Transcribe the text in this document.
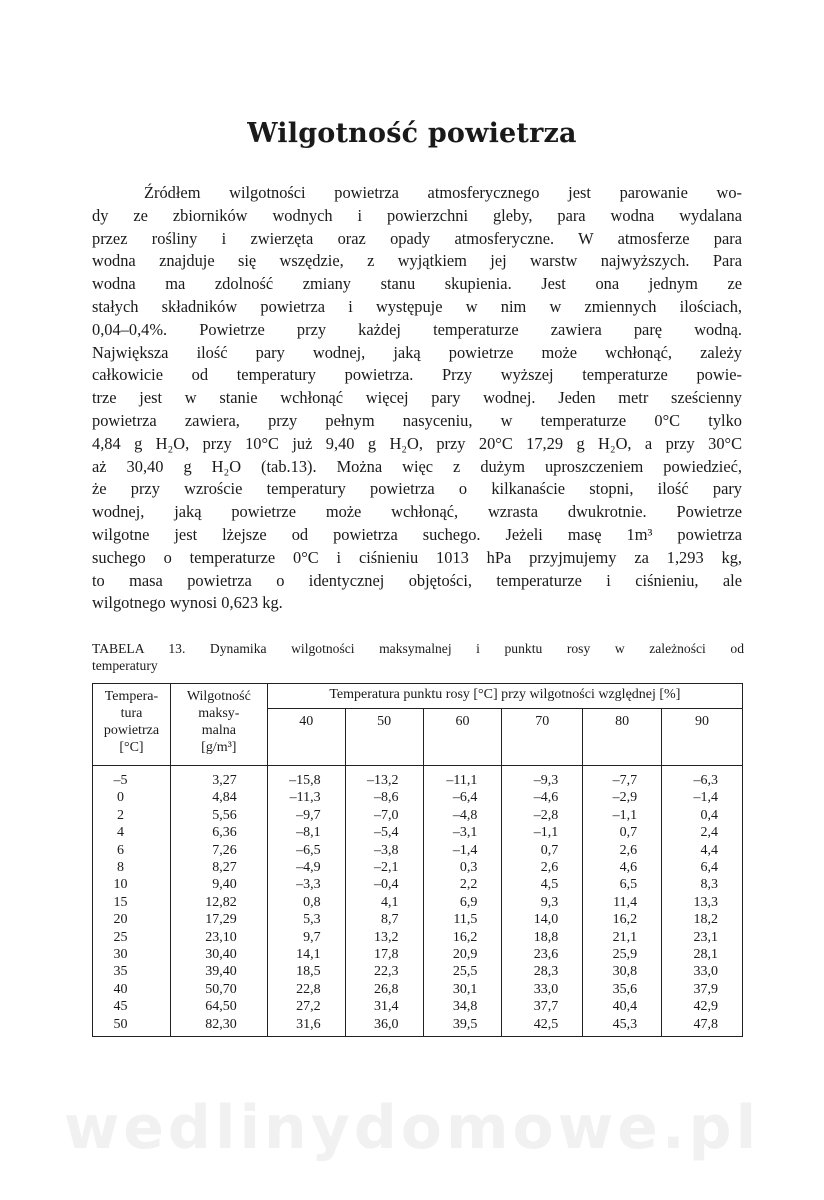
Wilgotność powietrza
Źródłem wilgotności powietrza atmosferycznego jest parowanie wo-
dy ze zbiorników wodnych i powierzchni gleby, para wodna wydalana
przez rośliny i zwierzęta oraz opady atmosferyczne. W atmosferze para
wodna znajduje się wszędzie, z wyjątkiem jej warstw najwyższych. Para
wodna ma zdolność zmiany stanu skupienia. Jest ona jednym ze
stałych składników powietrza i występuje w nim w zmiennych ilościach,
0,04–0,4%. Powietrze przy każdej temperaturze zawiera parę wodną.
Największa ilość pary wodnej, jaką powietrze może wchłonąć, zależy
całkowicie od temperatury powietrza. Przy wyższej temperaturze powie-
trze jest w stanie wchłonąć więcej pary wodnej. Jeden metr sześcienny
powietrza zawiera, przy pełnym nasyceniu, w temperaturze 0°C tylko
4,84 g H₂O, przy 10°C już 9,40 g H₂O, przy 20°C 17,29 g H₂O, a przy 30°C
aż 30,40 g H₂O (tab.13). Można więc z dużym uproszczeniem powiedzieć,
że przy wzroście temperatury powietrza o kilkanaście stopni, ilość pary
wodnej, jaką powietrze może wchłonąć, wzrasta dwukrotnie. Powietrze
wilgotne jest lżejsze od powietrza suchego. Jeżeli masę 1m³ powietrza
suchego o temperaturze 0°C i ciśnieniu 1013 hPa przyjmujemy za 1,293 kg,
to masa powietrza o identycznej objętości, temperaturze i ciśnieniu, ale
wilgotnego wynosi 0,623 kg.
TABELA 13. Dynamika wilgotności maksymalnej i punktu rosy w zależności od
temperatury
Tempera-
tura
powietrza
[°C]	Wilgotność
maksy-
malna
[g/m³]	Temperatura punktu rosy [°C] przy wilgotności względnej [%]					
		40	50	60	70	80	90
–5	3,27	–15,8	–13,2	–11,1	–9,3	–7,7	–6,3
0	4,84	–11,3	–8,6	–6,4	–4,6	–2,9	–1,4
2	5,56	–9,7	–7,0	–4,8	–2,8	–1,1	0,4
4	6,36	–8,1	–5,4	–3,1	–1,1	0,7	2,4
6	7,26	–6,5	–3,8	–1,4	0,7	2,6	4,4
8	8,27	–4,9	–2,1	0,3	2,6	4,6	6,4
10	9,40	–3,3	–0,4	2,2	4,5	6,5	8,3
15	12,82	0,8	4,1	6,9	9,3	11,4	13,3
20	17,29	5,3	8,7	11,5	14,0	16,2	18,2
25	23,10	9,7	13,2	16,2	18,8	21,1	23,1
30	30,40	14,1	17,8	20,9	23,6	25,9	28,1
35	39,40	18,5	22,3	25,5	28,3	30,8	33,0
40	50,70	22,8	26,8	30,1	33,0	35,6	37,9
45	64,50	27,2	31,4	34,8	37,7	40,4	42,9
50	82,30	31,6	36,0	39,5	42,5	45,3	47,8
wedlinydomowe.pl
